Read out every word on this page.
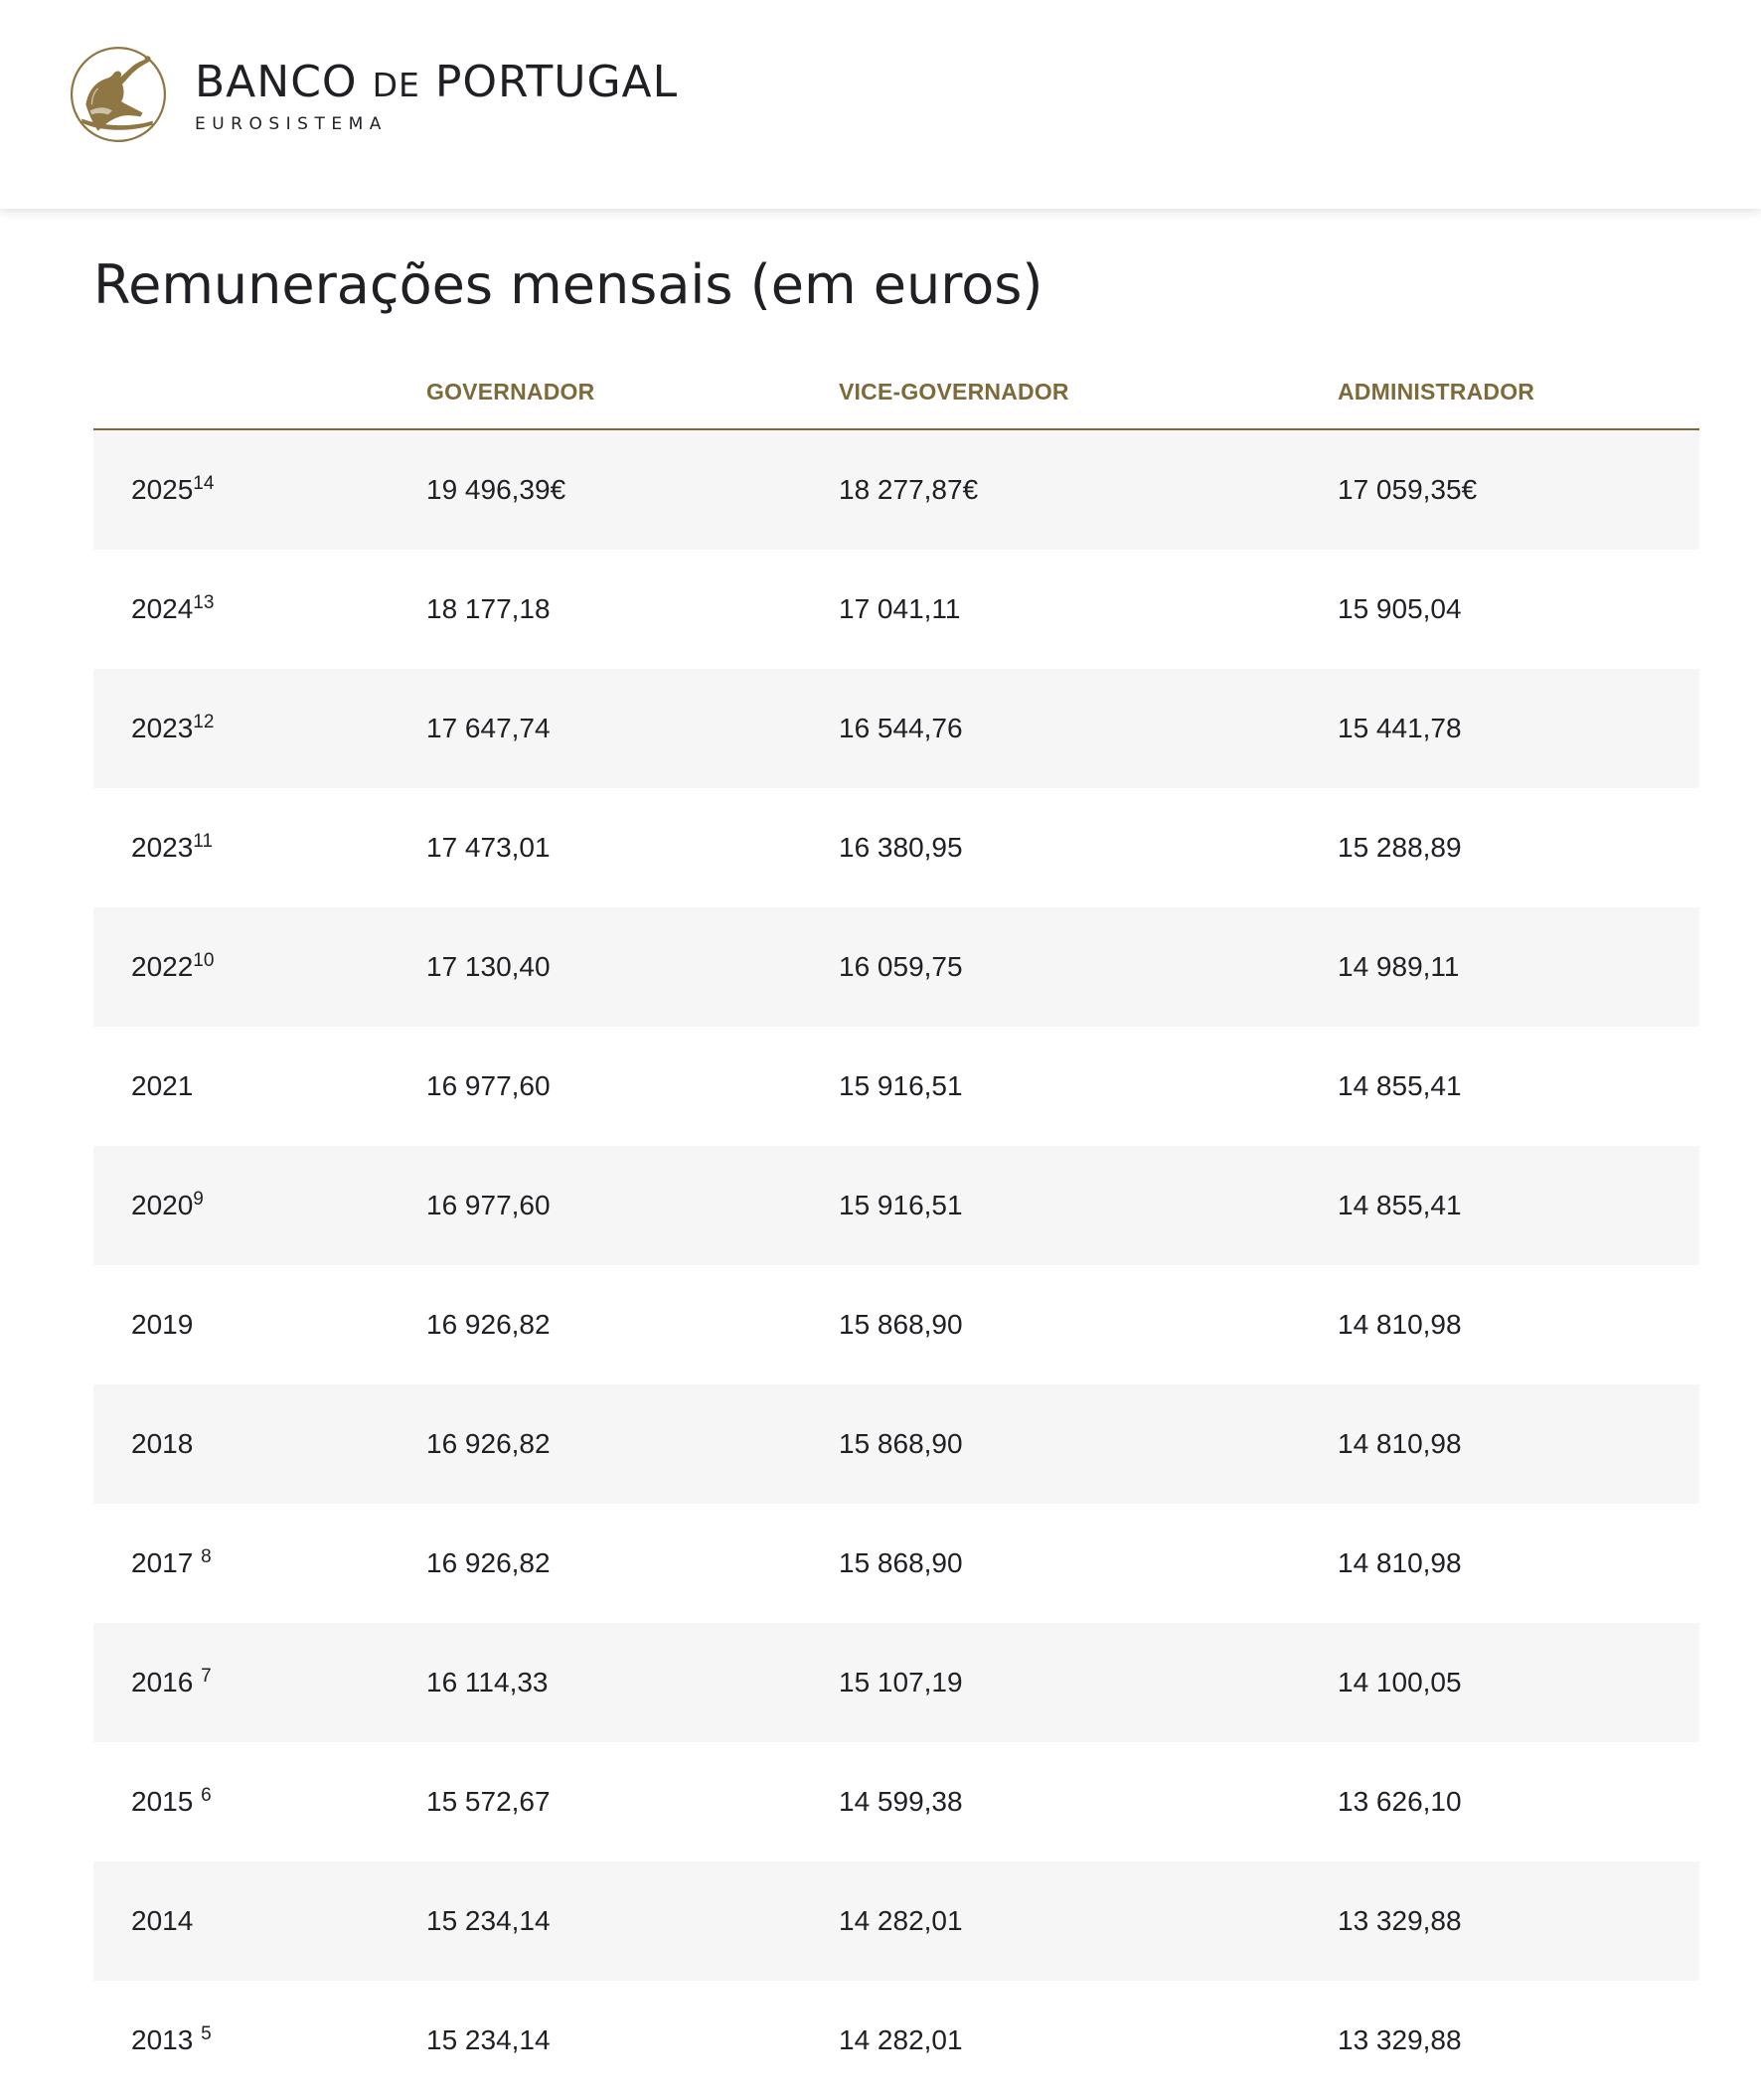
BANCO DE PORTUGAL
EUROSISTEMA
Remunerações mensais (em euros)
	GOVERNADOR	VICE-GOVERNADOR	ADMINISTRADOR
2025$^{14}$	19 496,39€	18 277,87€	17 059,35€
2024$^{13}$	18 177,18	17 041,11	15 905,04
2023$^{12}$	17 647,74	16 544,76	15 441,78
2023$^{11}$	17 473,01	16 380,95	15 288,89
2022$^{10}$	17 130,40	16 059,75	14 989,11
2021	16 977,60	15 916,51	14 855,41
2020$^9$	16 977,60	15 916,51	14 855,41
2019	16 926,82	15 868,90	14 810,98
2018	16 926,82	15 868,90	14 810,98
2017 $^8$	16 926,82	15 868,90	14 810,98
2016 $^7$	16 114,33	15 107,19	14 100,05
2015 $^6$	15 572,67	14 599,38	13 626,10
2014	15 234,14	14 282,01	13 329,88
2013 $^5$	15 234,14	14 282,01	13 329,88
